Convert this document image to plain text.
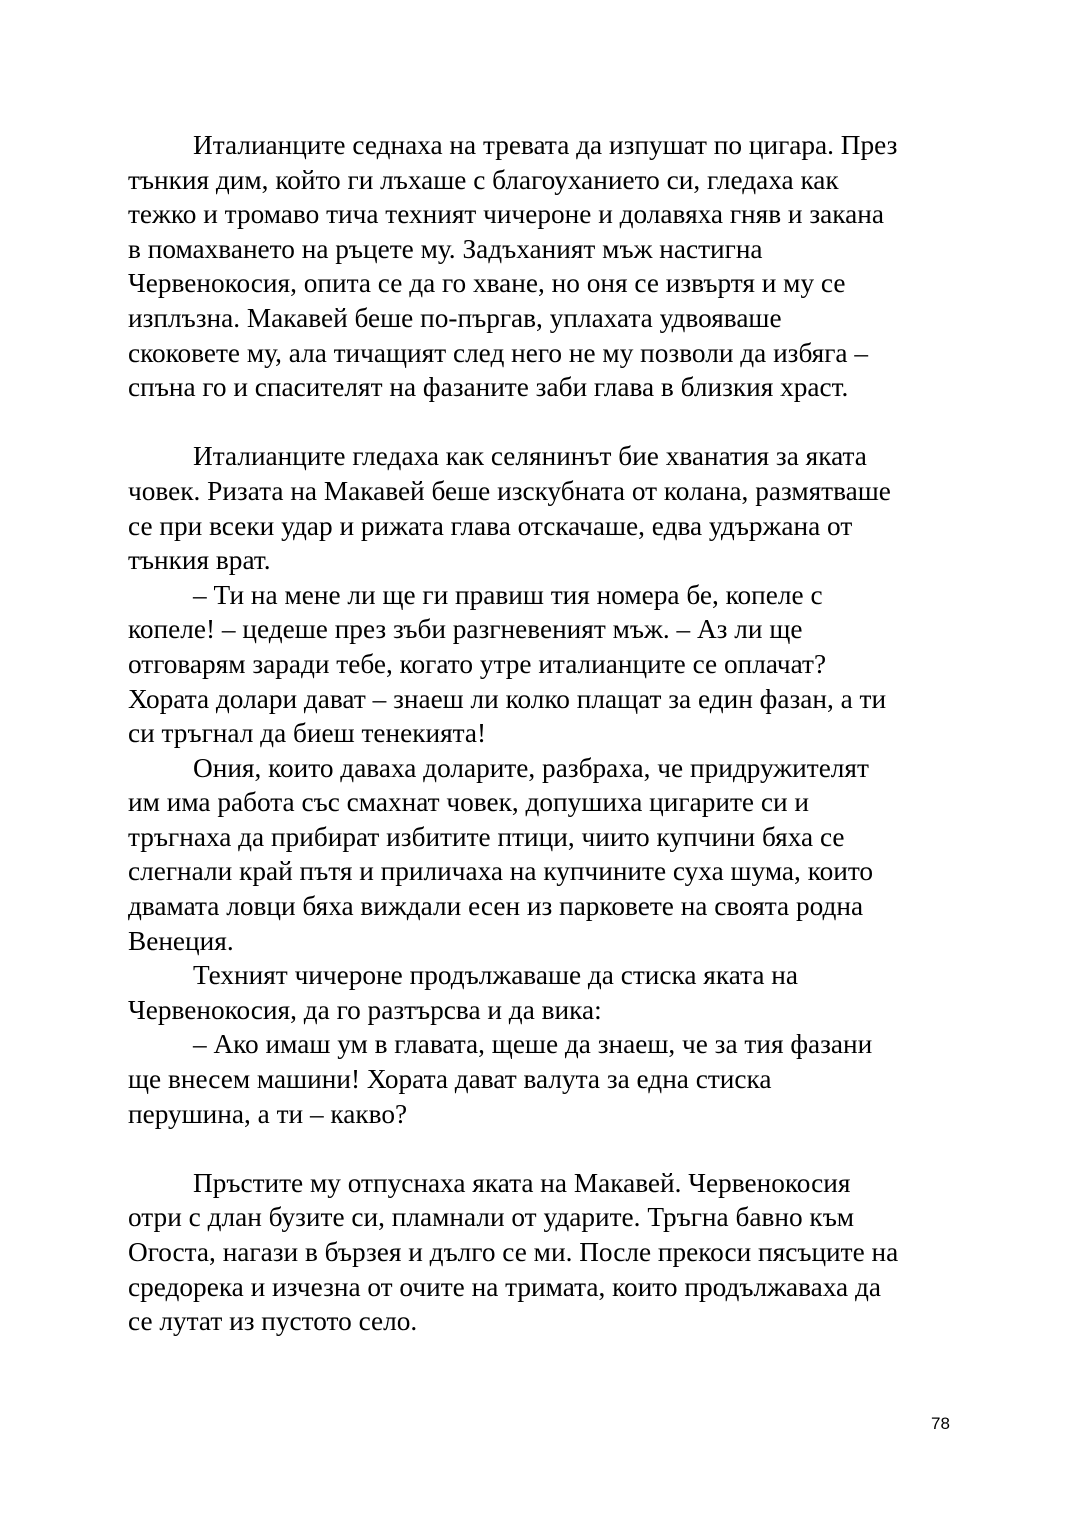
Италианците седнаха на тревата да изпушат по цигара. През
тънкия дим, който ги лъхаше с благоуханието си, гледаха как
тежко и тромаво тича техният чичероне и долавяха гняв и закана
в помахването на ръцете му. Задъханият мъж настигна
Червенокосия, опита се да го хване, но оня се извъртя и му се
изплъзна. Макавей беше по-пъргав, уплахата удвояваше
скоковете му, ала тичащият след него не му позволи да избяга –
спъна го и спасителят на фазаните заби глава в близкия храст.
Италианците гледаха как селянинът бие хванатия за яката
човек. Ризата на Макавей беше изскубната от колана, размятваше
се при всеки удар и рижата глава отскачаше, едва удържана от
тънкия врат.
– Ти на мене ли ще ги правиш тия номера бе, копеле с
копеле! – цедеше през зъби разгневеният мъж. – Аз ли ще
отговарям заради тебе, когато утре италианците се оплачат?
Хората долари дават – знаеш ли колко плащат за един фазан, а ти
си тръгнал да биеш тенекията!
Ония, които даваха доларите, разбраха, че придружителят
им има работа със смахнат човек, допушиха цигарите си и
тръгнаха да прибират избитите птици, чиито купчини бяха се
слегнали край пътя и приличаха на купчините суха шума, които
двамата ловци бяха виждали есен из парковете на своята родна
Венеция.
Техният чичероне продължаваше да стиска яката на
Червенокосия, да го разтърсва и да вика:
– Ако имаш ум в главата, щеше да знаеш, че за тия фазани
ще внесем машини! Хората дават валута за една стиска
перушина, а ти – какво?
Пръстите му отпуснаха яката на Макавей. Червенокосия
отри с длан бузите си, пламнали от ударите. Тръгна бавно към
Огоста, нагази в бързея и дълго се ми. После прекоси пясъците на
средорека и изчезна от очите на тримата, които продължаваха да
се лутат из пустото село.
78
